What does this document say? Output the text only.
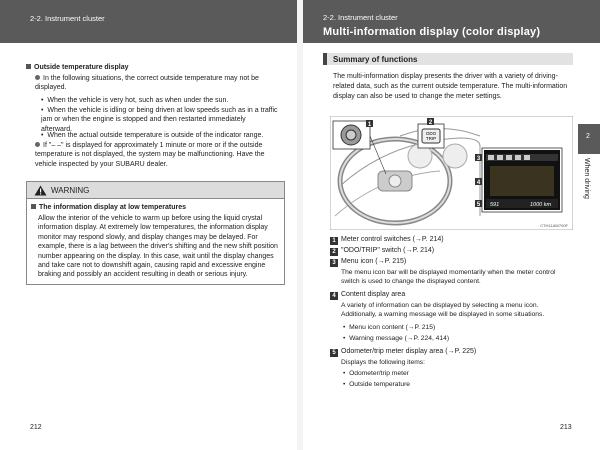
2-2. Instrument cluster	2-2. Instrument cluster
Multi-information display (color display)
Outside temperature display
In the following situations, the correct outside temperature may not be displayed.
•  When the vehicle is very hot, such as when under the sun.
•  When the vehicle is idling or being driven at low speeds such as in a traffic jam or when the engine is stopped and then restarted immediately afterward.
•  When the actual outside temperature is outside of the indicator range.
If "– –" is displayed for approximately 1 minute or more or if the outside temperature is not displayed, the system may be malfunctioning. Have the vehicle inspected by your SUBARU dealer.
WARNING
The information display at low temperatures
Allow the interior of the vehicle to warm up before using the liquid crystal information display. At extremely low temperatures, the information display monitor may respond slowly, and display changes may be delayed. For example, there is a lag between the driver's shifting and the new shift position number appearing on the display. In this case, wait until the display changes and take care not to downshift again, causing rapid and excessive engine braking and possibly an accident resulting in death or serious injury.
212
Summary of functions
The multi-information display presents the driver with a variety of driving-related data, such as the current outside temperature. The multi-information display can also be used to change the meter settings.
1
ODO
TRIP
2
591	1000 km
3
4
5
CTH11AW700F
1 Meter control switches (→P. 214)
2 "ODO/TRIP" switch (→P. 214)
3 Menu icon (→P. 215)
The menu icon bar will be displayed momentarily when the meter control switch is used to change the displayed content.
4 Content display area
A variety of information can be displayed by selecting a menu icon. Additionally, a warning message will be displayed in some situations.
•  Menu icon content (→P. 215)
•  Warning message (→P. 224, 414)
5 Odometer/trip meter display area (→P. 225)
Displays the following items:
•  Odometer/trip meter
•  Outside temperature
2
When driving
213
